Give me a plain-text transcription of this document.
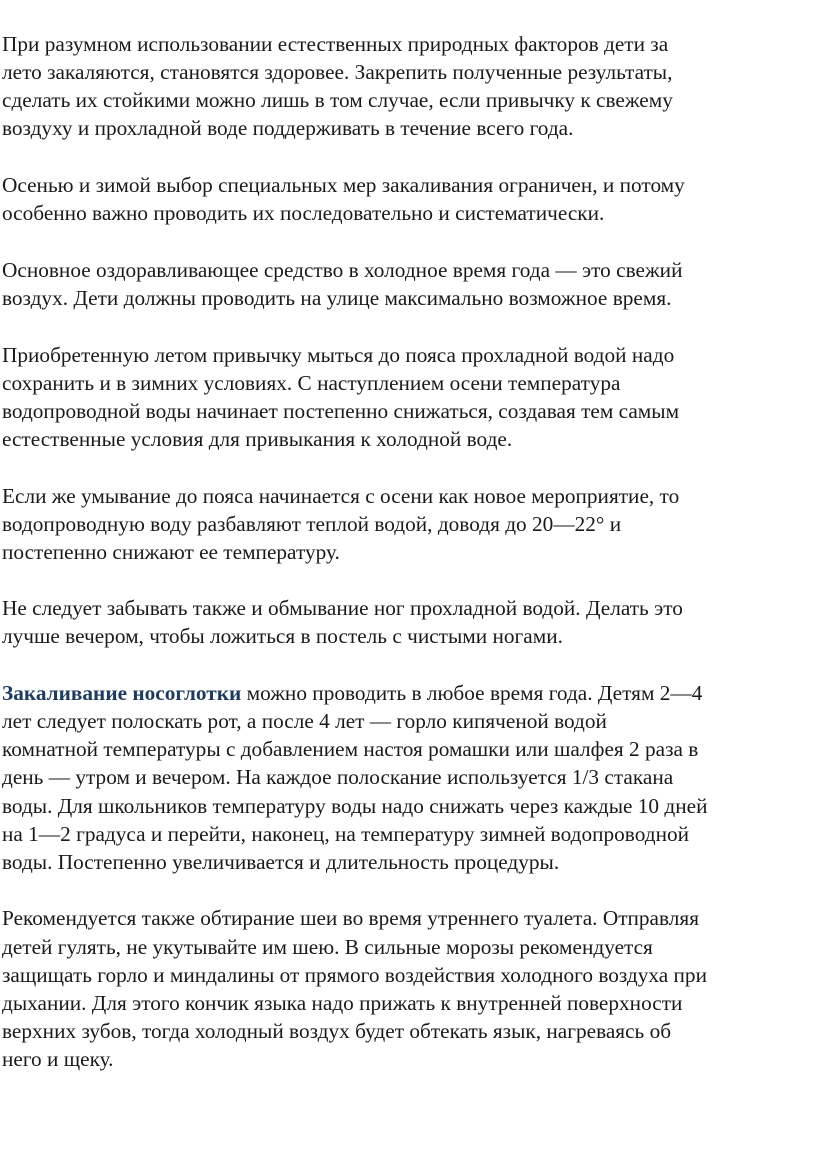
При разумном использовании естественных природных факторов дети за
лето закаляются, становятся здоровее. Закрепить полученные результаты,
сделать их стойкими можно лишь в том случае, если привычку к свежему
воздуху и прохладной воде поддерживать в течение всего года.

Осенью и зимой выбор специальных мер закаливания ограничен, и потому
особенно важно проводить их последовательно и систематически.

Основное оздоравливающее средство в холодное время года — это свежий
воздух. Дети должны проводить на улице максимально возможное время.

Приобретенную летом привычку мыться до пояса прохладной водой надо
сохранить и в зимних условиях. С наступлением осени температура
водопроводной воды начинает постепенно снижаться, создавая тем самым
естественные условия для привыкания к холодной воде.

Если же умывание до пояса начинается с осени как новое мероприятие, то
водопроводную воду разбавляют теплой водой, доводя до 20—22° и
постепенно снижают ее температуру.

Не следует забывать также и обмывание ног прохладной водой. Делать это
лучше вечером, чтобы ложиться в постель с чистыми ногами.

Закаливание носоглотки можно проводить в любое время года. Детям 2—4
лет следует полоскать рот, а после 4 лет — горло кипяченой водой
комнатной температуры с добавлением настоя ромашки или шалфея 2 раза в
день — утром и вечером. На каждое полоскание используется 1/3 стакана
воды. Для школьников температуру воды надо снижать через каждые 10 дней
на 1—2 градуса и перейти, наконец, на температуру зимней водопроводной
воды. Постепенно увеличивается и длительность процедуры.

Рекомендуется также обтирание шеи во время утреннего туалета. Отправляя
детей гулять, не укутывайте им шею. В сильные морозы рекомендуется
защищать горло и миндалины от прямого воздействия холодного воздуха при
дыхании. Для этого кончик языка надо прижать к внутренней поверхности
верхних зубов, тогда холодный воздух будет обтекать язык, нагреваясь об
него и щеку.
